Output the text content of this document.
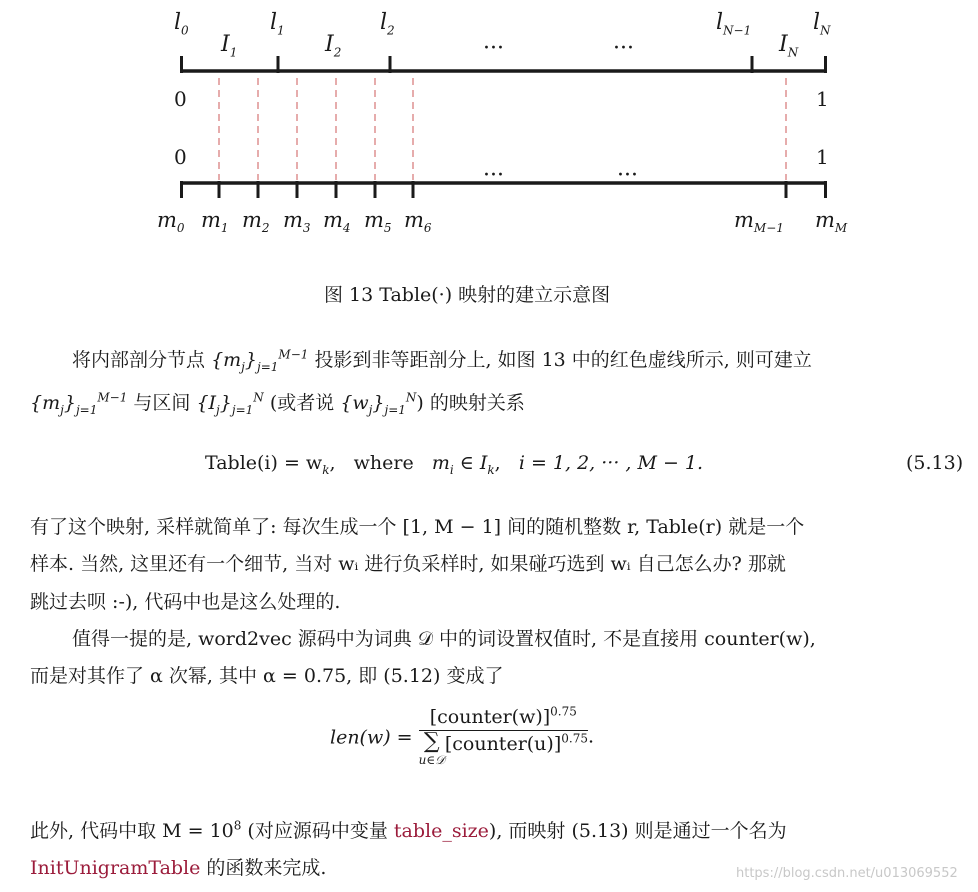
···	···
···	···
$l_0$
$I_1$
$l_1$
$I_2$
$l_2$	$l_{N-1}$
$I_N$
$l_N$
0
0
1
1
$m_0$ $m_1$ $m_2$ $m_3$ $m_4$ $m_5$ $m_6$	$m_{M-1}$ $m_M$
图 13 Table(·) 映射的建立示意图
将内部剖分节点 $\{m_j\}_{j=1}^{M-1}$ 投影到非等距剖分上, 如图 13 中的红色虚线所示, 则可建立
$\{m_j\}_{j=1}^{M-1}$ 与区间 $\{I_j\}_{j=1}^N$ (或者说 $\{w_j\}_{j=1}^N$) 的映射关系
Table(i) = $w_k$,   where $m_i$ ∈ $I_k$,   i = 1, 2, ··· , M − 1.	(5.13)
有了这个映射, 采样就简单了: 每次生成一个 [1, M − 1] 间的随机整数 r, Table(r) 就是一个
样本. 当然, 这里还有一个细节, 当对 wᵢ 进行负采样时, 如果碰巧选到 wᵢ 自己怎么办? 那就
跳过去呗 :-), 代码中也是这么处理的.
值得一提的是, word2vec 源码中为词典 𝒟 中的词设置权值时, 不是直接用 counter(w),
而是对其作了 α 次幂, 其中 α = 0.75, 即 (5.12) 变成了
len(w) = [counter(w)]$^{0.75}$
∑
u∈𝒟
[counter(u)]$^{0.75}$ .
此外, 代码中取 $M = 10^8$ (对应源码中变量 table_size), 而映射 (5.13) 则是通过一个名为
InitUnigramTable 的函数来完成.	https://blog.csdn.net/u013069552
